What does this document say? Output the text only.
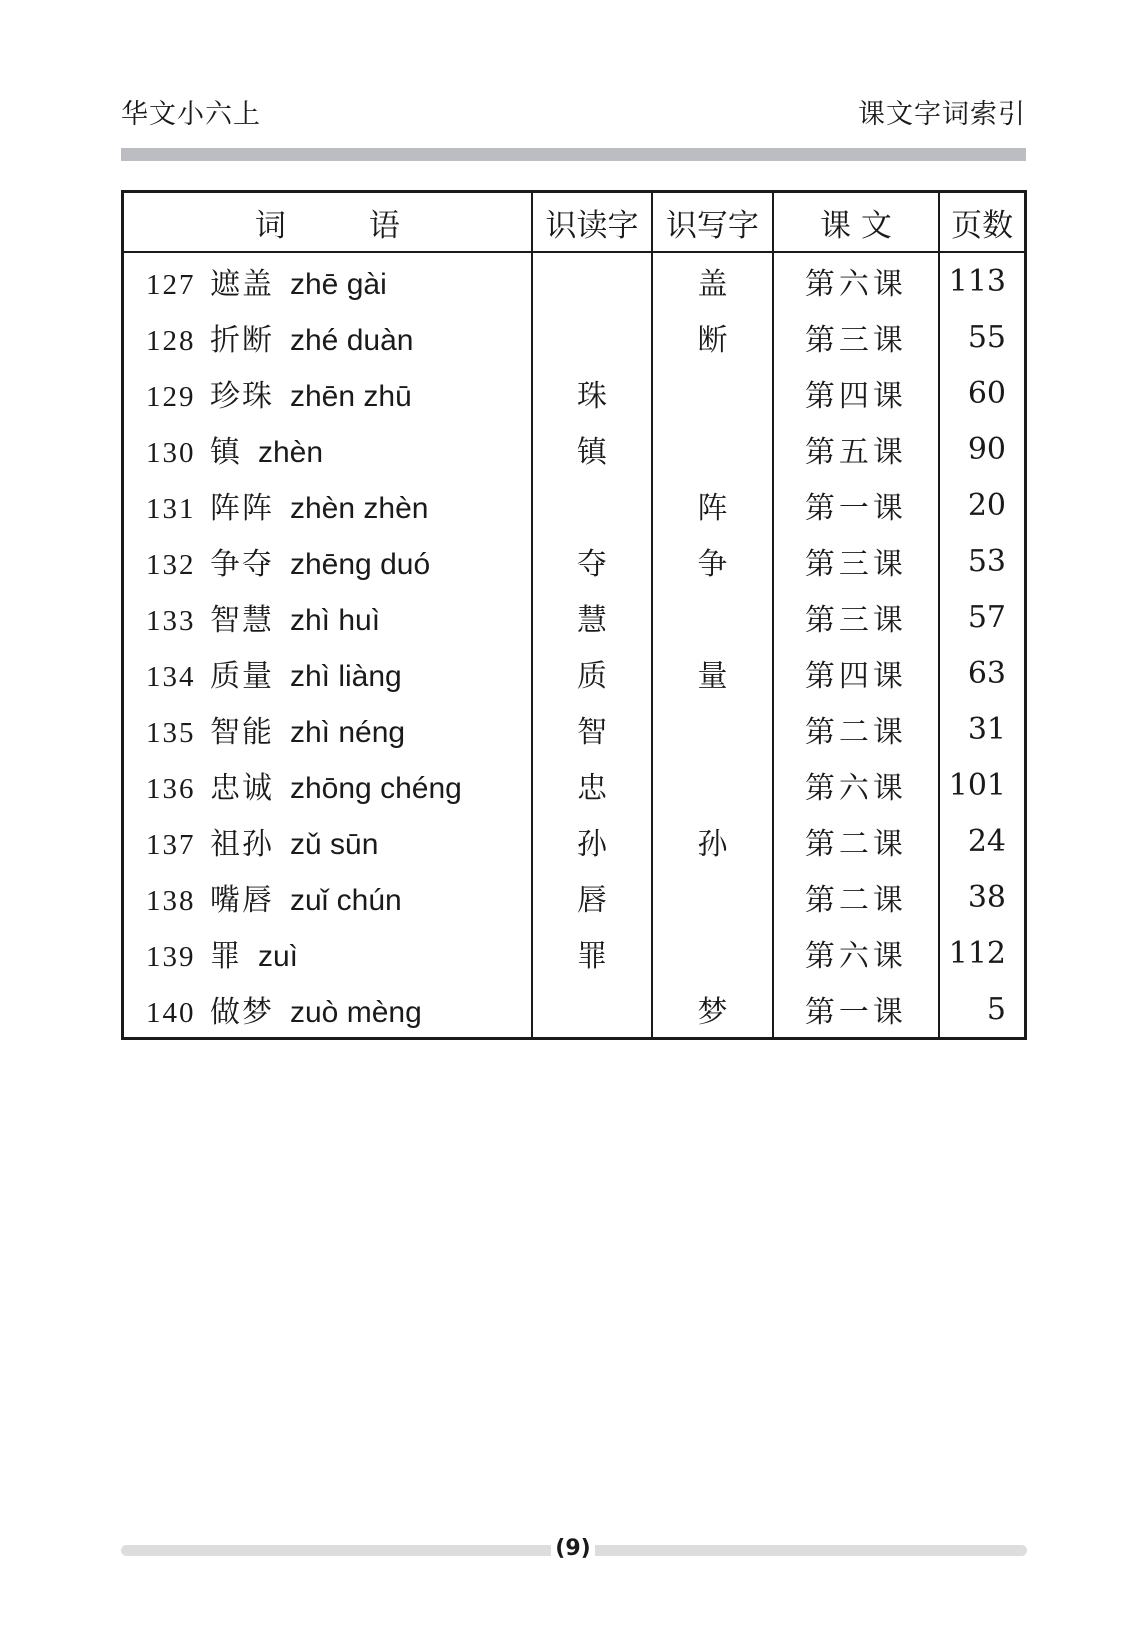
华文小六上	课文字词索引
词　语	识读字	识写字	课 文	页数
127 遮盖 zhē gài		盖	第六课	113
128 折断 zhé duàn		断	第三课	55
129 珍珠 zhēn zhū	珠		第四课	60
130 镇 zhèn	镇		第五课	90
131 阵阵 zhèn zhèn		阵	第一课	20
132 争夺 zhēng duó	夺	争	第三课	53
133 智慧 zhì huì	慧		第三课	57
134 质量 zhì liàng	质	量	第四课	63
135 智能 zhì néng	智		第二课	31
136 忠诚 zhōng chéng	忠		第六课	101
137 祖孙 zǔ sūn	孙	孙	第二课	24
138 嘴唇 zuǐ chún	唇		第二课	38
139 罪 zuì	罪		第六课	112
140 做梦 zuò mèng		梦	第一课	5
(9)
